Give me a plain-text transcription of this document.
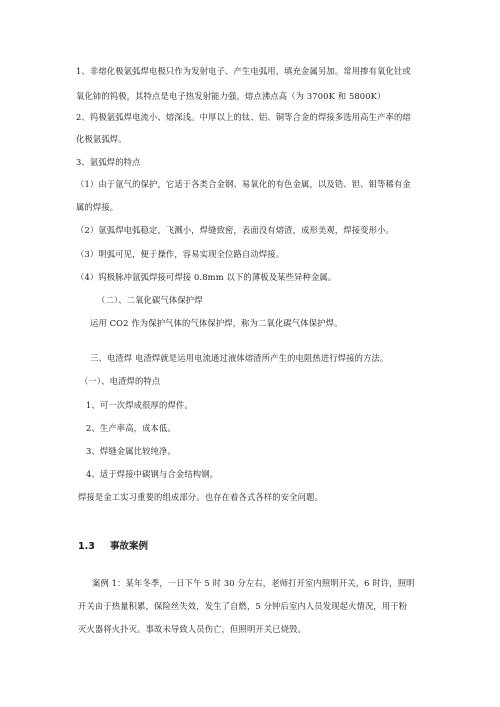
1、非熔化极氩弧焊电极只作为发射电子、产生电弧用，填充金属另加。常用掺有氧化钍或
氧化铈的钨极，其特点是电子热发射能力强，熔点沸点高（为 3700K 和 5800K）
2、钨极氩弧焊电流小、熔深浅。中厚以上的钛、铝、铜等合金的焊接多选用高生产率的熔
化极氩弧焊。
3、氩弧焊的特点
（1）由于氩气的保护，它适于各类合金钢、易氧化的有色金属，以及锆、钽、钼等稀有金
属的焊接。
（2）氩弧焊电弧稳定，飞溅小，焊缝致密，表面没有熔渣，成形美观，焊接变形小。
（3）明弧可见，便于操作，容易实现全位路自动焊接。
（4）钨极脉冲氩弧焊接可焊接 0.8mm 以下的薄板及某些异种金属。
（二）、二氧化碳气体保护焊
运用 CO2 作为保护气体的气体保护焊，称为二氧化碳气体保护焊。
三、电渣焊 电渣焊就是运用电流通过液体熔渣所产生的电阻热进行焊接的方法。
（一）、电渣焊的特点
1、可一次焊成很厚的焊件。
2、生产率高，成本低。
3、焊缝金属比较纯净。
4、适于焊接中碳钢与合金结构钢。
焊接是金工实习重要的组成部分。也存在着各式各样的安全问题。
1.3 事故案例
案例 1：某年冬季，一日下午 5 时 30 分左右，老师打开室内照明开关，6 时许，照明
开关由于热量积累，保险丝失效，发生了自燃，5 分钟后室内人员发现起火情况，用干粉
灭火器将火扑灭。事故未导致人员伤亡，但照明开关已烧毁。
